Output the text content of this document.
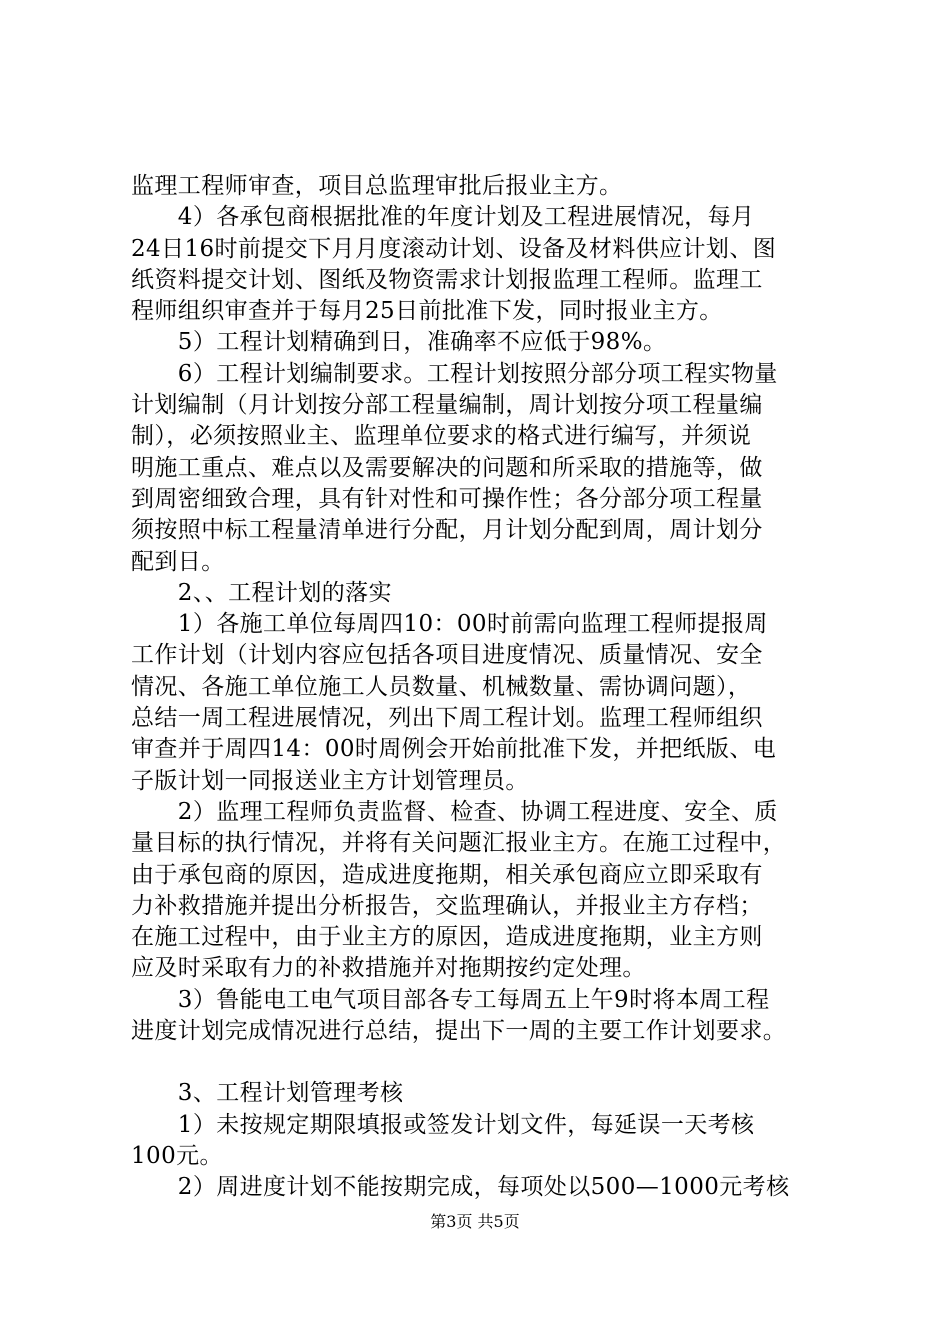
监理工程师审查，项目总监理审批后报业主方。
　　4）各承包商根据批准的年度计划及工程进展情况，每月
24日16时前提交下月月度滚动计划、设备及材料供应计划、图
纸资料提交计划、图纸及物资需求计划报监理工程师。监理工
程师组织审查并于每月25日前批准下发，同时报业主方。
　　5）工程计划精确到日，准确率不应低于98%。
　　6）工程计划编制要求。工程计划按照分部分项工程实物量
计划编制（月计划按分部工程量编制，周计划按分项工程量编
制），必须按照业主、监理单位要求的格式进行编写，并须说
明施工重点、难点以及需要解决的问题和所采取的措施等，做
到周密细致合理，具有针对性和可操作性；各分部分项工程量
须按照中标工程量清单进行分配，月计划分配到周，周计划分
配到日。
　　2、、工程计划的落实
　　1）各施工单位每周四10：00时前需向监理工程师提报周
工作计划（计划内容应包括各项目进度情况、质量情况、安全
情况、各施工单位施工人员数量、机械数量、需协调问题），
总结一周工程进展情况，列出下周工程计划。监理工程师组织
审查并于周四14：00时周例会开始前批准下发，并把纸版、电
子版计划一同报送业主方计划管理员。
　　2）监理工程师负责监督、检查、协调工程进度、安全、质
量目标的执行情况，并将有关问题汇报业主方。在施工过程中，
由于承包商的原因，造成进度拖期，相关承包商应立即采取有
力补救措施并提出分析报告，交监理确认，并报业主方存档；
在施工过程中，由于业主方的原因，造成进度拖期，业主方则
应及时采取有力的补救措施并对拖期按约定处理。
　　3）鲁能电工电气项目部各专工每周五上午9时将本周工程
进度计划完成情况进行总结，提出下一周的主要工作计划要求。
　　3、工程计划管理考核
　　1）未按规定期限填报或签发计划文件，每延误一天考核
100元。
　　2）周进度计划不能按期完成，每项处以500—1000元考核
第3页 共5页
